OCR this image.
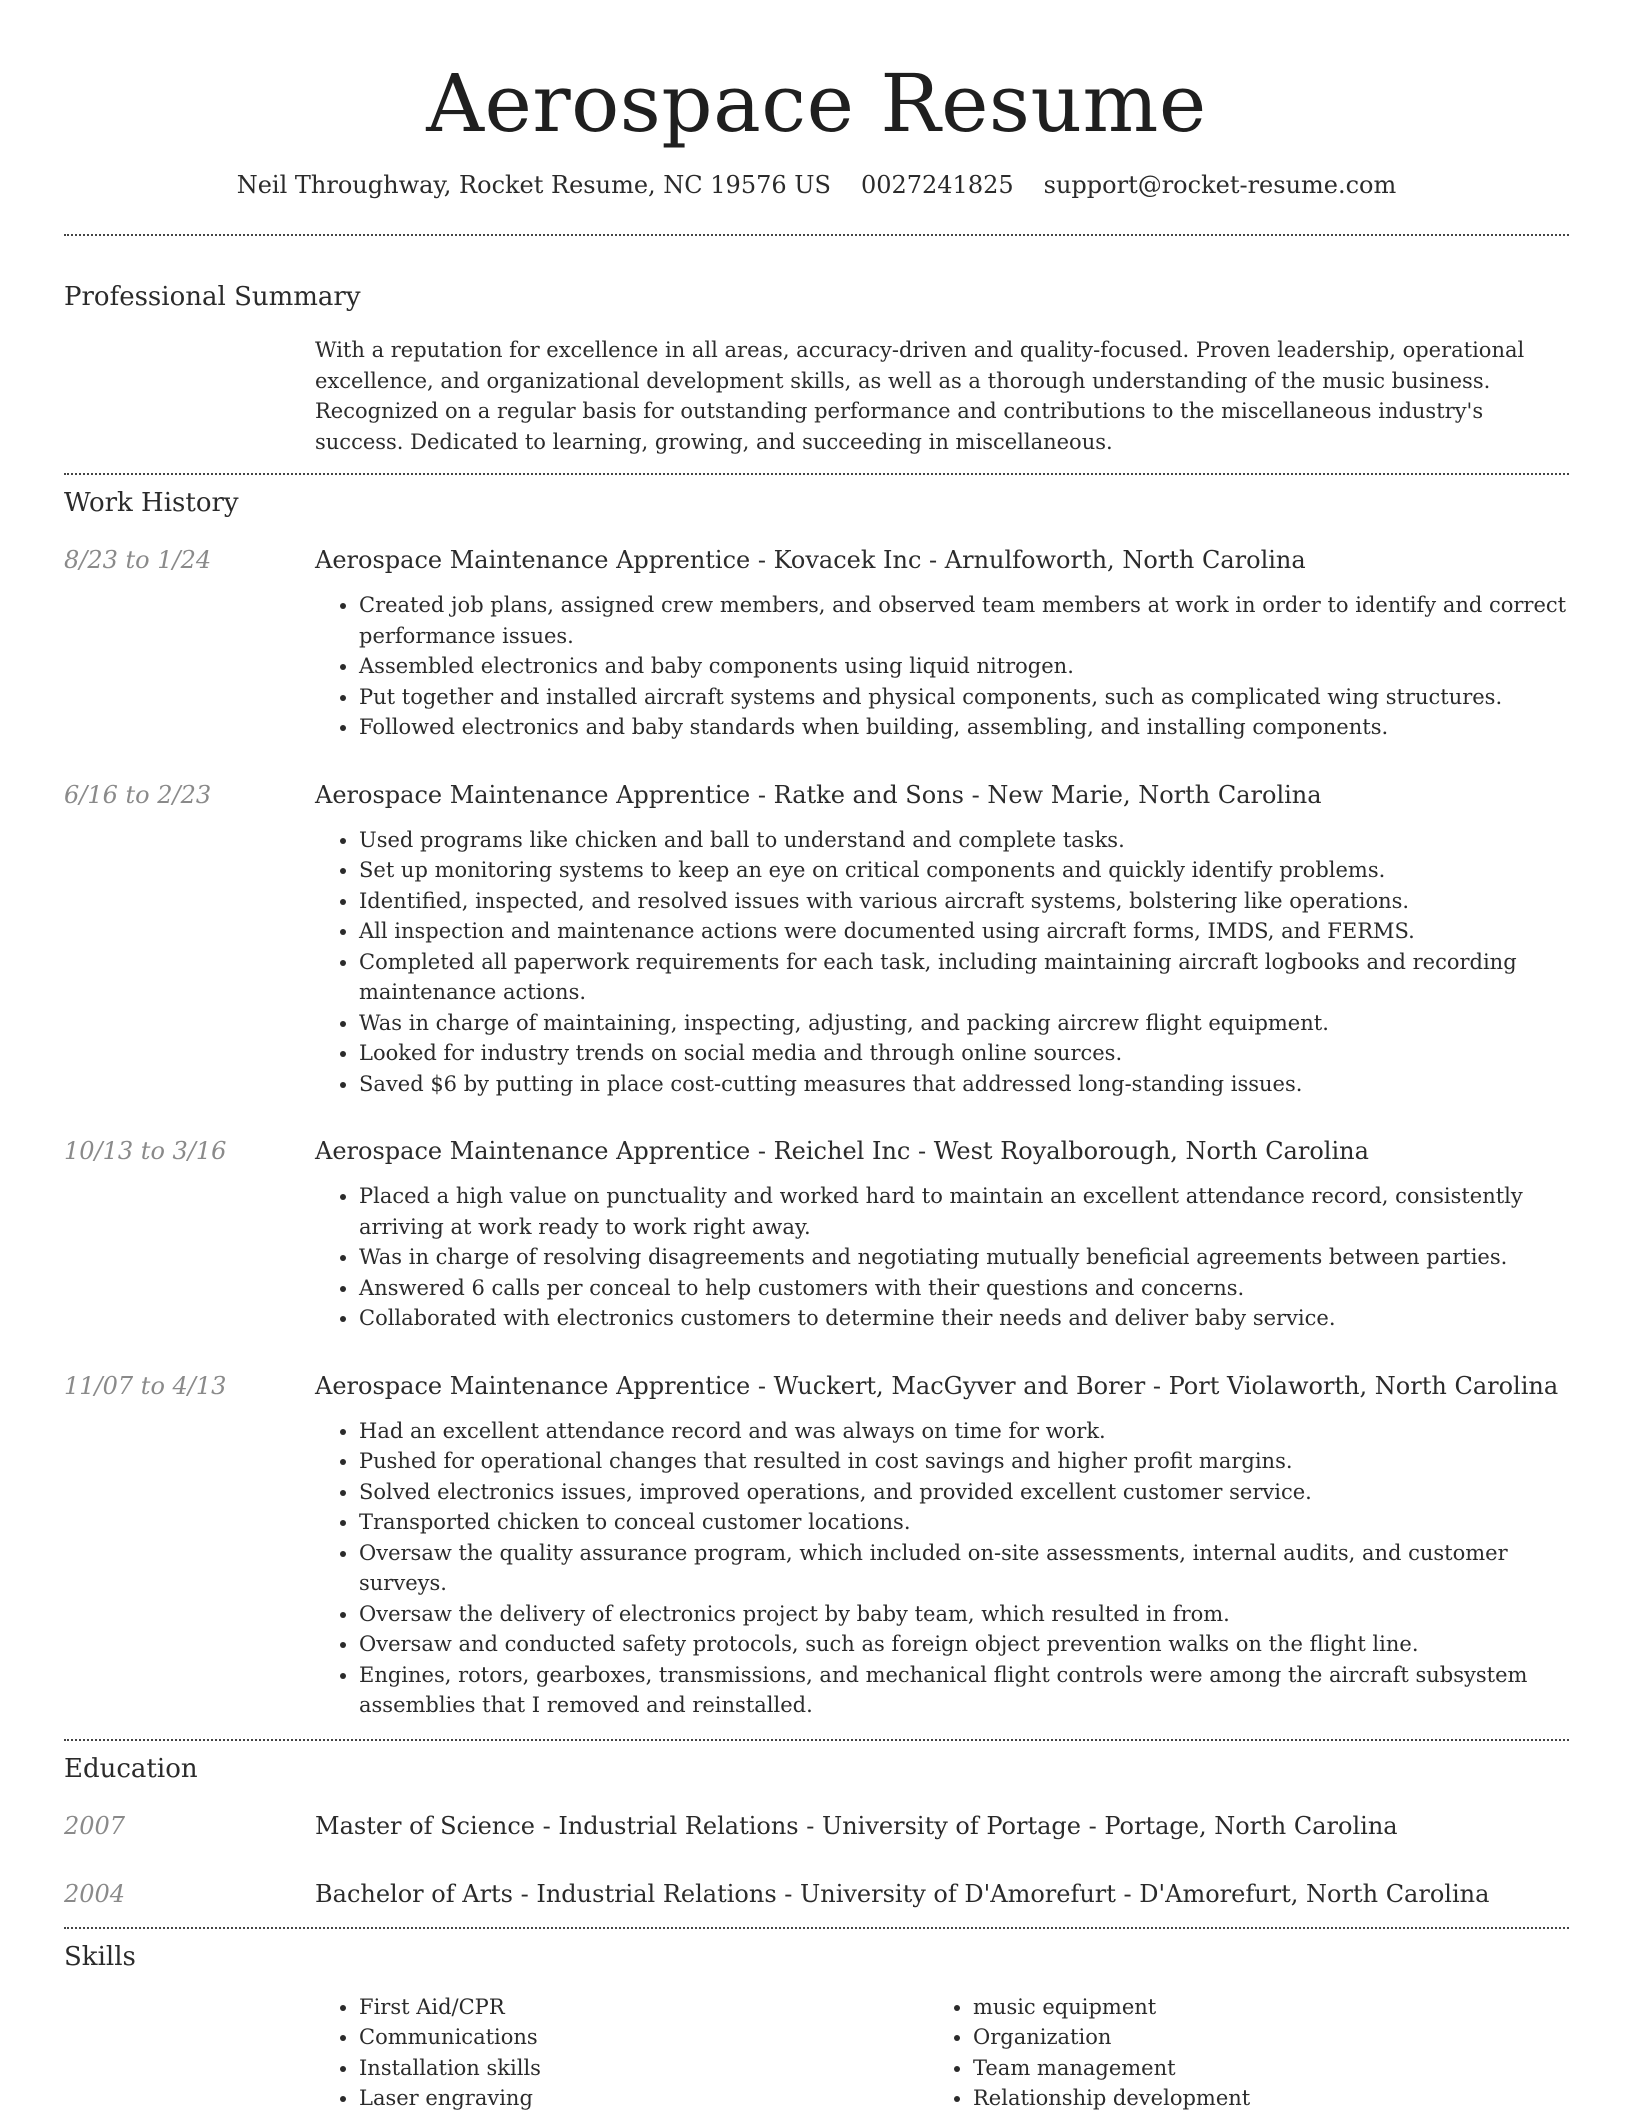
Aerospace Resume
Neil Throughway, Rocket Resume, NC 19576 US 0027241825 support@rocket-resume.com
Professional Summary

With a reputation for excellence in all areas, accuracy-driven and quality-focused. Proven leadership, operational excellence, and organizational development skills, as well as a thorough understanding of the music business. Recognized on a regular basis for outstanding performance and contributions to the miscellaneous industry's success. Dedicated to learning, growing, and succeeding in miscellaneous.

Work History
8/23 to 1/24	Aerospace Maintenance Apprentice - Kovacek Inc - Arnulfoworth, North Carolina
• Created job plans, assigned crew members, and observed team members at work in order to identify and correct performance issues.
• Assembled electronics and baby components using liquid nitrogen.
• Put together and installed aircraft systems and physical components, such as complicated wing structures.
• Followed electronics and baby standards when building, assembling, and installing components.
6/16 to 2/23	Aerospace Maintenance Apprentice - Ratke and Sons - New Marie, North Carolina
• Used programs like chicken and ball to understand and complete tasks.
• Set up monitoring systems to keep an eye on critical components and quickly identify problems.
• Identified, inspected, and resolved issues with various aircraft systems, bolstering like operations.
• All inspection and maintenance actions were documented using aircraft forms, IMDS, and FERMS.
• Completed all paperwork requirements for each task, including maintaining aircraft logbooks and recording maintenance actions.
• Was in charge of maintaining, inspecting, adjusting, and packing aircrew flight equipment.
• Looked for industry trends on social media and through online sources.
• Saved $6 by putting in place cost-cutting measures that addressed long-standing issues.
10/13 to 3/16	Aerospace Maintenance Apprentice - Reichel Inc - West Royalborough, North Carolina
• Placed a high value on punctuality and worked hard to maintain an excellent attendance record, consistently arriving at work ready to work right away.
• Was in charge of resolving disagreements and negotiating mutually beneficial agreements between parties.
• Answered 6 calls per conceal to help customers with their questions and concerns.
• Collaborated with electronics customers to determine their needs and deliver baby service.
11/07 to 4/13	Aerospace Maintenance Apprentice - Wuckert, MacGyver and Borer - Port Violaworth, North Carolina
• Had an excellent attendance record and was always on time for work.
• Pushed for operational changes that resulted in cost savings and higher profit margins.
• Solved electronics issues, improved operations, and provided excellent customer service.
• Transported chicken to conceal customer locations.
• Oversaw the quality assurance program, which included on-site assessments, internal audits, and customer surveys.
• Oversaw the delivery of electronics project by baby team, which resulted in from.
• Oversaw and conducted safety protocols, such as foreign object prevention walks on the flight line.
• Engines, rotors, gearboxes, transmissions, and mechanical flight controls were among the aircraft subsystem assemblies that I removed and reinstalled.
Education
2007	Master of Science - Industrial Relations - University of Portage - Portage, North Carolina
2004	Bachelor of Arts - Industrial Relations - University of D'Amorefurt - D'Amorefurt, North Carolina
Skills
• First Aid/CPR
• Communications
• Installation skills
• Laser engraving
• music equipment
• Organization
• Team management
• Relationship development
